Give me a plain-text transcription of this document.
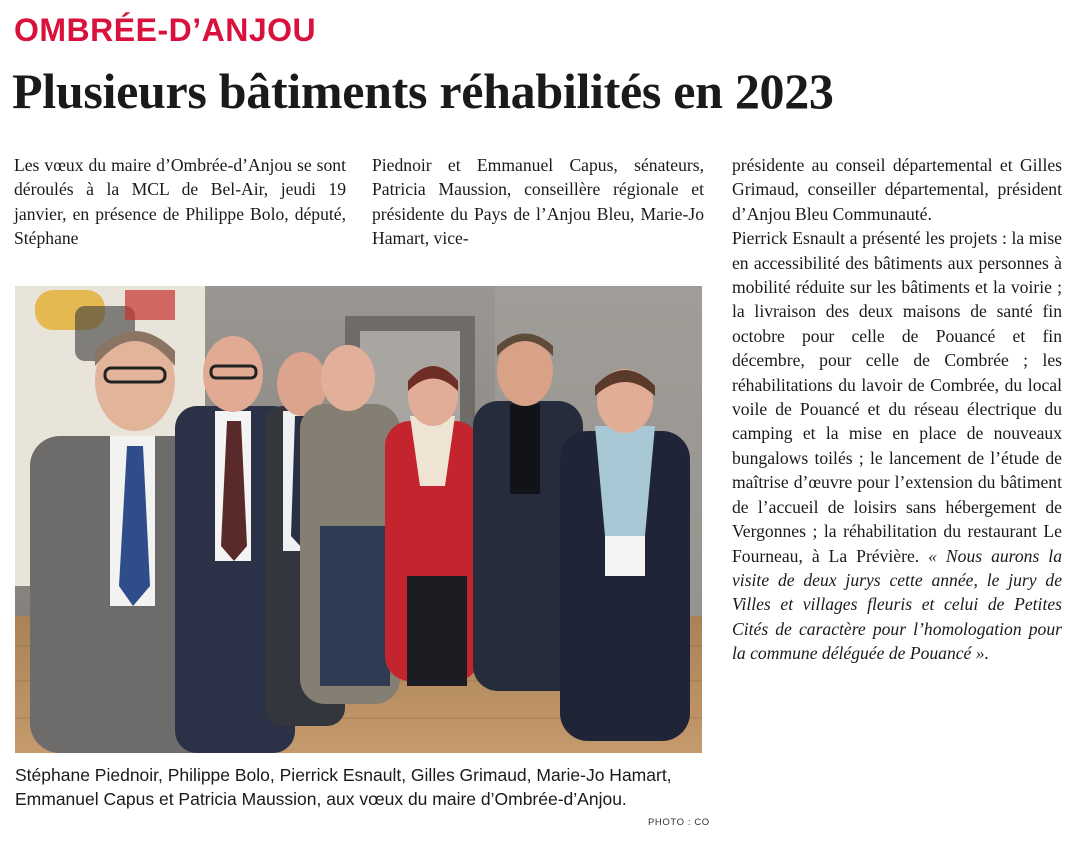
OMBRÉE-D’ANJOU
Plusieurs bâtiments réhabilités en 2023

Les vœux du maire d’Ombrée-d’Anjou se sont déroulés à la MCL de Bel-Air, jeudi 19 janvier, en présence de Philippe Bolo, député, Stéphane

Piednoir et Emmanuel Capus, sénateurs, Patricia Maussion, conseillère régionale et présidente du Pays de l’Anjou Bleu, Marie-Jo Hamart, vice-

présidente au conseil départemental et Gilles Grimaud, conseiller départemental, président d’Anjou Bleu Communauté.

Pierrick Esnault a présenté les projets : la mise en accessibilité des bâtiments aux personnes à mobilité réduite sur les bâtiments et la voirie ; la livraison des deux maisons de santé fin octobre pour celle de Pouancé et fin décembre, pour celle de Combrée ; les réhabilitations du lavoir de Combrée, du local voile de Pouancé et du réseau électrique du camping et la mise en place de nouveaux bungalows toilés ; le lancement de l’étude de maîtrise d’œuvre pour l’extension du bâtiment de l’accueil de loisirs sans hébergement de Vergonnes ; la réhabilitation du restaurant Le Fourneau, à La Prévière. « Nous aurons la visite de deux jurys cette année, le jury de Villes et villages fleuris et celui de Petites Cités de caractère pour l’homologation pour la commune déléguée de Pouancé ».

Stéphane Piednoir, Philippe Bolo, Pierrick Esnault, Gilles Grimaud, Marie-Jo Hamart, Emmanuel Capus et Patricia Maussion, aux vœux du maire d’Ombrée-d’Anjou.
PHOTO : CO
